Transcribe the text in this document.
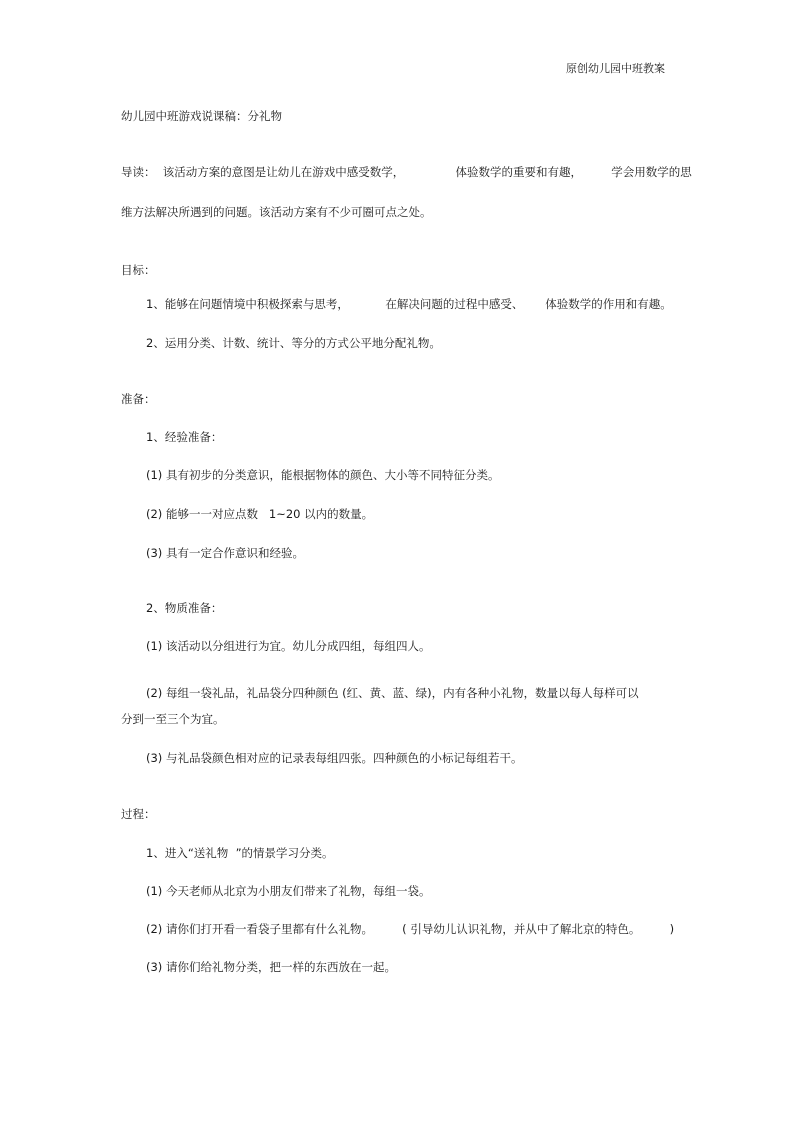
原创幼儿园中班教案
幼儿园中班游戏说课稿：分礼物
导读：  该活动方案的意图是让幼儿在游戏中感受数学，              体验数学的重要和有趣，        学会用数学的思
维方法解决所遇到的问题。该活动方案有不少可圈可点之处。
目标：
1、能够在问题情境中积极探索与思考，          在解决问题的过程中感受、      体验数学的作用和有趣。
2、运用分类、计数、统计、等分的方式公平地分配礼物。
准备：
1、经验准备：
(1) 具有初步的分类意识，能根据物体的颜色、大小等不同特征分类。
(2) 能够一一对应点数   1~20 以内的数量。
(3) 具有一定合作意识和经验。
2、物质准备：
(1) 该活动以分组进行为宜。幼儿分成四组，每组四人。
(2) 每组一袋礼品，礼品袋分四种颜色 (红、黄、蓝、绿)，内有各种小礼物，数量以每人每样可以
分到一至三个为宜。
(3) 与礼品袋颜色相对应的记录表每组四张。四种颜色的小标记每组若干。
过程：
1、进入“送礼物  ”的情景学习分类。
(1) 今天老师从北京为小朋友们带来了礼物，每组一袋。
(2) 请你们打开看一看袋子里都有什么礼物。        ( 引导幼儿认识礼物，并从中了解北京的特色。        )
(3) 请你们给礼物分类，把一样的东西放在一起。
